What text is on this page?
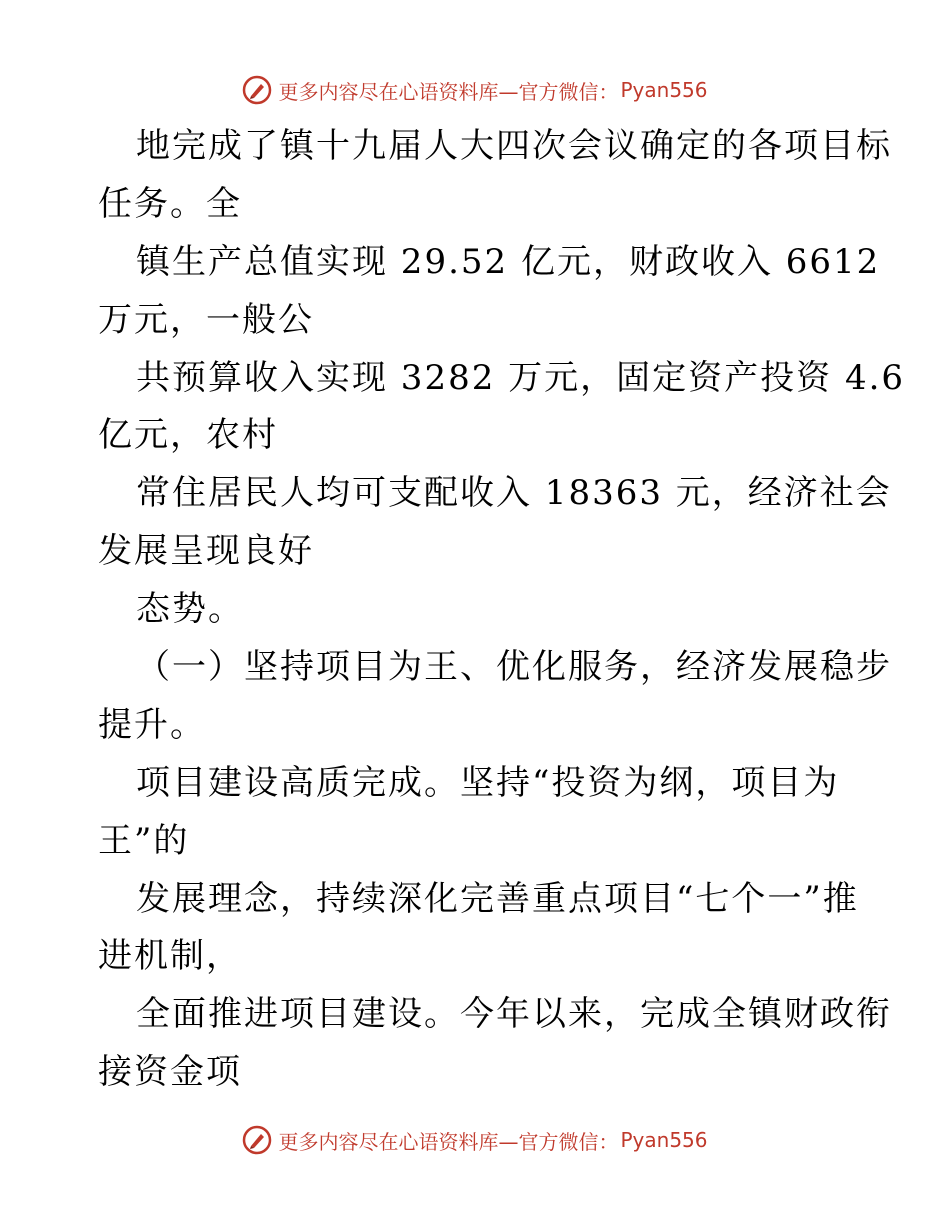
更多内容尽在心语资料库—官方微信： Pyan556
地完成了镇十九届人大四次会议确定的各项目标
任务。全
镇生产总值实现 29.52 亿元，财政收入 6612
万元，一般公
共预算收入实现 3282 万元，固定资产投资 4.6
亿元，农村
常住居民人均可支配收入 18363 元，经济社会
发展呈现良好
态势。
（一）坚持项目为王、优化服务，经济发展稳步
提升。
项目建设高质完成。坚持“投资为纲，项目为
王”的
发展理念，持续深化完善重点项目“七个一”推
进机制，
全面推进项目建设。今年以来，完成全镇财政衔
接资金项
更多内容尽在心语资料库—官方微信： Pyan556
